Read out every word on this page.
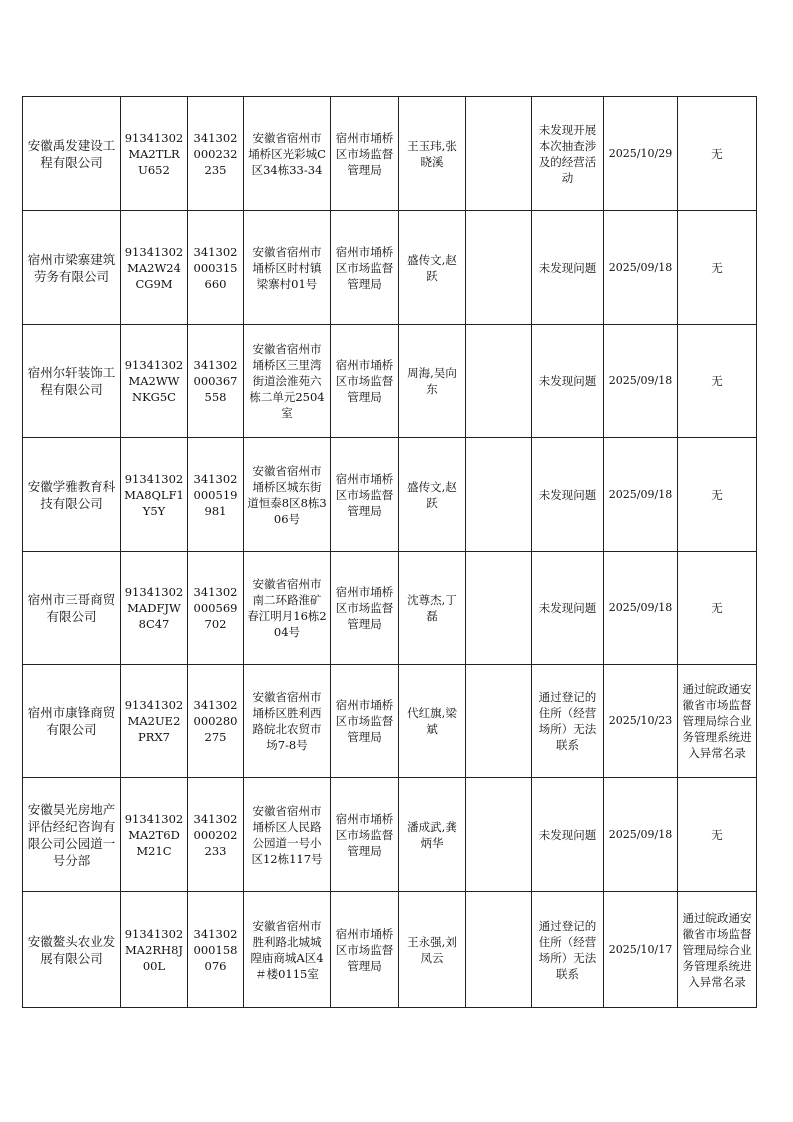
安徽禹发建设工程有限公司	91341302MA2TLRU652	341302000232235	安徽省宿州市埇桥区光彩城C区34栋33-34	宿州市埇桥区市场监督管理局	王玉玮,张晓溪		未发现开展本次抽查涉及的经营活动	2025/10/29	无
宿州市梁寨建筑劳务有限公司	91341302MA2W24CG9M	341302000315660	安徽省宿州市埇桥区时村镇梁寨村01号	宿州市埇桥区市场监督管理局	盛传文,赵跃		未发现问题	2025/09/18	无
宿州尔轩装饰工程有限公司	91341302MA2WWNKG5C	341302000367558	安徽省宿州市埇桥区三里湾街道浍淮苑六栋二单元2504室	宿州市埇桥区市场监督管理局	周海,吴向东		未发现问题	2025/09/18	无
安徽学雅教育科技有限公司	91341302MA8QLF1Y5Y	341302000519981	安徽省宿州市埇桥区城东街道恒泰8区8栋306号	宿州市埇桥区市场监督管理局	盛传文,赵跃		未发现问题	2025/09/18	无
宿州市三哥商贸有限公司	91341302MADFJW8C47	341302000569702	安徽省宿州市南二环路淮矿春江明月16栋204号	宿州市埇桥区市场监督管理局	沈尊杰,丁磊		未发现问题	2025/09/18	无
宿州市康锋商贸有限公司	91341302MA2UE2PRX7	341302000280275	安徽省宿州市埇桥区胜利西路皖北农贸市场7-8号	宿州市埇桥区市场监督管理局	代红旗,梁斌		通过登记的住所（经营场所）无法联系	2025/10/23	通过皖政通安徽省市场监督管理局综合业务管理系统进入异常名录
安徽昊光房地产评估经纪咨询有限公司公园道一号分部	91341302MA2T6DM21C	341302000202233	安徽省宿州市埇桥区人民路公园道一号小区12栋117号	宿州市埇桥区市场监督管理局	潘成武,龚炳华		未发现问题	2025/09/18	无
安徽鳌头农业发展有限公司	91341302MA2RH8J00L	341302000158076	安徽省宿州市胜利路北城城隍庙商城A区4＃楼0115室	宿州市埇桥区市场监督管理局	王永强,刘凤云		通过登记的住所（经营场所）无法联系	2025/10/17	通过皖政通安徽省市场监督管理局综合业务管理系统进入异常名录
